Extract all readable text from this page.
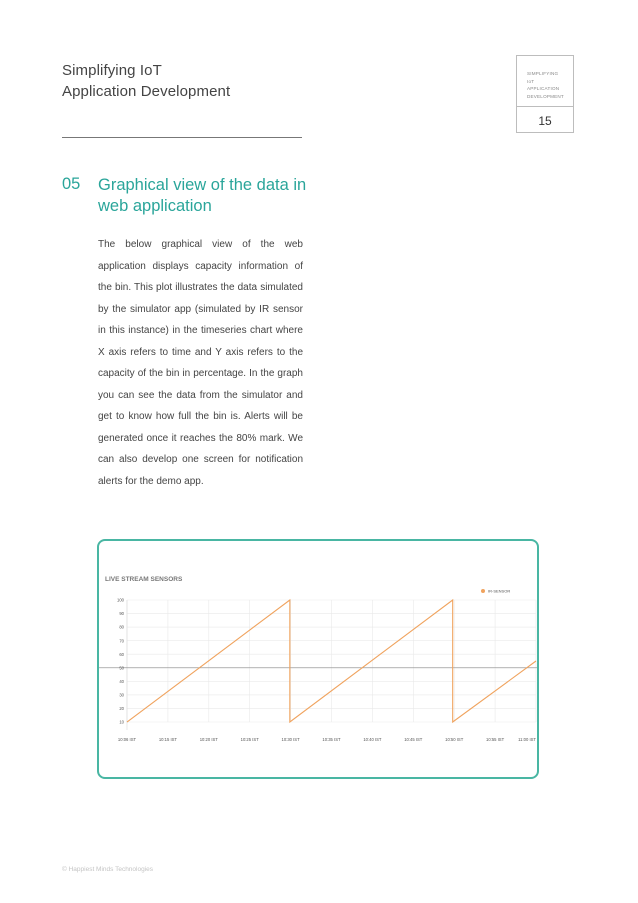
Simplifying IoT
Application Development
SIMPLIFYING
IoT
APPLICATION
DEVELOPMENT
15
05 Graphical view of the data in web application

The below graphical view of the web application displays capacity information of the bin. This plot illustrates the data simulated by the simulator app (simulated by IR sensor in this instance) in the timeseries chart where X axis refers to time and Y axis refers to the capacity of the bin in percentage. In the graph you can see the data from the simulator and get to know how full the bin is. Alerts will be generated once it reaches the 80% mark. We can also develop one screen for notification alerts for the demo app.

LIVE STREAM SENSORS
10
20
30
40
50
60
70
80
90
100
10:06 IST	10:15 IST	10:20 IST	10:25 IST	10:30 IST	10:35 IST	10:40 IST	10:45 IST	10:50 IST	10:55 IST	11:00 IST
IR-SENSOR
© Happiest Minds Technologies
